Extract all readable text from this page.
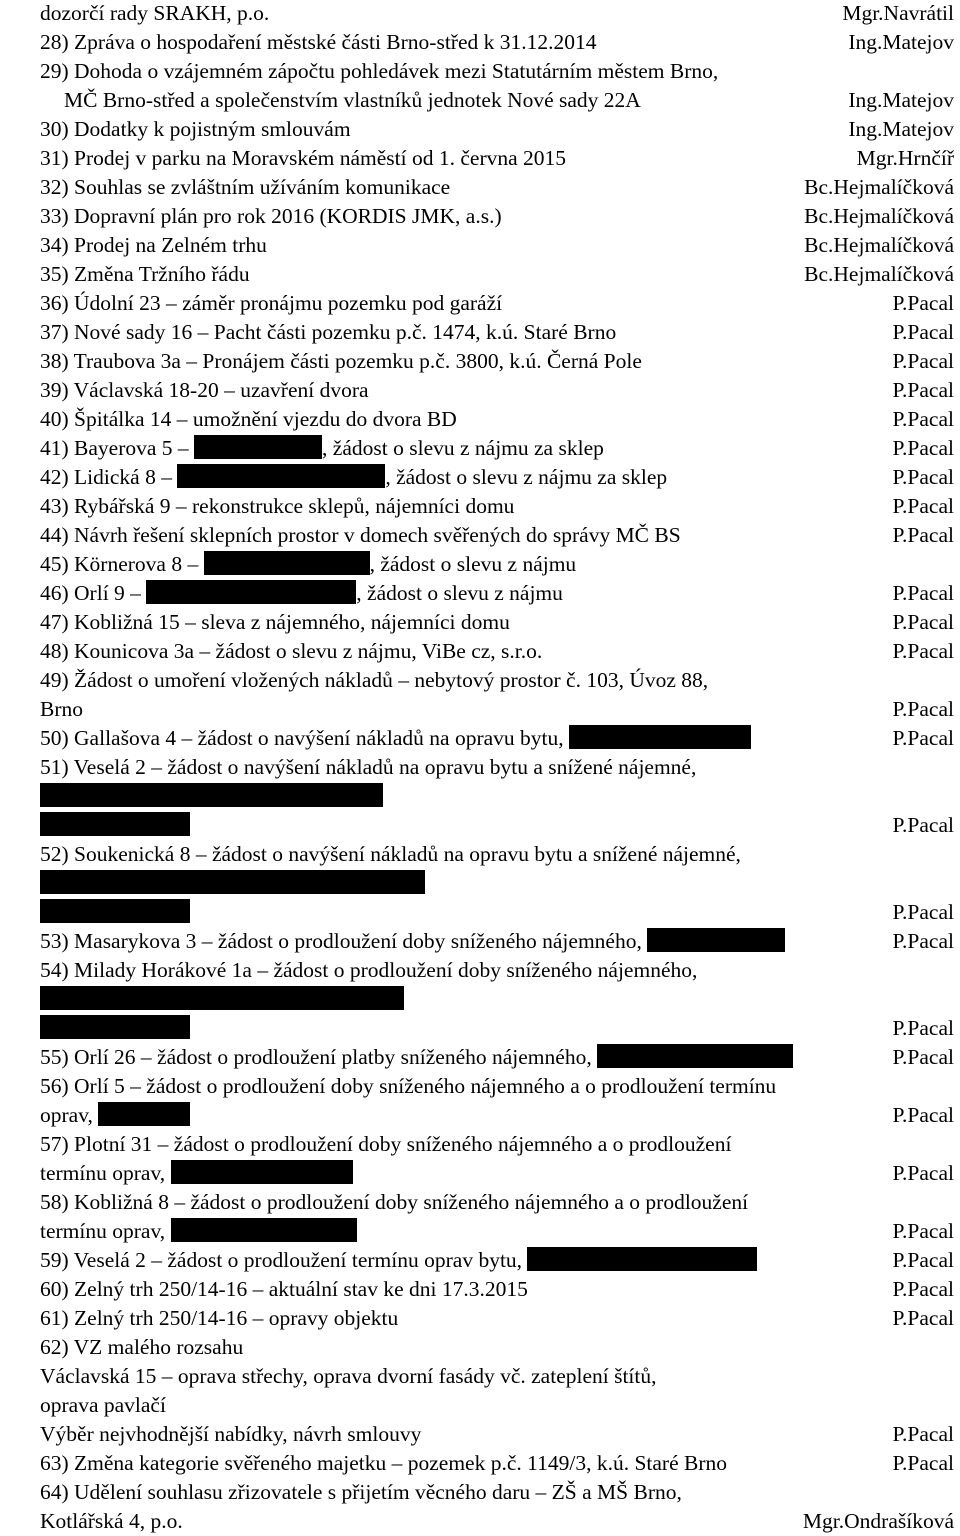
dozorčí rady SRAKH, p.o.	Mgr.Navrátil
28) Zpráva o hospodaření městské části Brno-střed k 31.12.2014	Ing.Matejov
29) Dohoda o vzájemném zápočtu pohledávek mezi Statutárním městem Brno,
MČ Brno-střed a společenstvím vlastníků jednotek Nové sady 22A	Ing.Matejov
30) Dodatky k pojistným smlouvám	Ing.Matejov
31) Prodej v parku na Moravském náměstí od 1. června 2015	Mgr.Hrnčíř
32) Souhlas se zvláštním užíváním komunikace	Bc.Hejmalíčková
33) Dopravní plán pro rok 2016 (KORDIS JMK, a.s.)	Bc.Hejmalíčková
34) Prodej na Zelném trhu	Bc.Hejmalíčková
35) Změna Tržního řádu	Bc.Hejmalíčková
36) Údolní 23 – záměr pronájmu pozemku pod garáží	P.Pacal
37) Nové sady 16 – Pacht části pozemku p.č. 1474, k.ú. Staré Brno	P.Pacal
38) Traubova 3a – Pronájem části pozemku p.č. 3800, k.ú. Černá Pole	P.Pacal
39) Václavská 18-20 – uzavření dvora	P.Pacal
40) Špitálka 14 – umožnění vjezdu do dvora BD	P.Pacal
41) Bayerova 5 –	, žádost o slevu z nájmu za sklep	P.Pacal
42) Lidická 8 –	, žádost o slevu z nájmu za sklep	P.Pacal
43) Rybářská 9 – rekonstrukce sklepů, nájemníci domu	P.Pacal
44) Návrh řešení sklepních prostor v domech svěřených do správy MČ BS	P.Pacal
45) Körnerova 8 –	, žádost o slevu z nájmu
46) Orlí 9 –	, žádost o slevu z nájmu	P.Pacal
47) Kobližná 15 – sleva z nájemného, nájemníci domu	P.Pacal
48) Kounicova 3a – žádost o slevu z nájmu, ViBe cz, s.r.o.	P.Pacal
49) Žádost o umoření vložených nákladů – nebytový prostor č. 103, Úvoz 88,
Brno	P.Pacal
50) Gallašova 4 – žádost o navýšení nákladů na opravu bytu,	P.Pacal
51) Veselá 2 – žádost o navýšení nákladů na opravu bytu a snížené nájemné,
P.Pacal
52) Soukenická 8 – žádost o navýšení nákladů na opravu bytu a snížené nájemné,
P.Pacal
53) Masarykova 3 – žádost o prodloužení doby sníženého nájemného,	P.Pacal
54) Milady Horákové 1a – žádost o prodloužení doby sníženého nájemného,
P.Pacal
55) Orlí 26 – žádost o prodloužení platby sníženého nájemného,	P.Pacal
56) Orlí 5 – žádost o prodloužení doby sníženého nájemného a o prodloužení termínu
oprav,	P.Pacal
57) Plotní 31 – žádost o prodloužení doby sníženého nájemného a o prodloužení
termínu oprav,	P.Pacal
58) Kobližná 8 – žádost o prodloužení doby sníženého nájemného a o prodloužení
termínu oprav,	P.Pacal
59) Veselá 2 – žádost o prodloužení termínu oprav bytu,	P.Pacal
60) Zelný trh 250/14-16 – aktuální stav ke dni 17.3.2015	P.Pacal
61) Zelný trh 250/14-16 – opravy objektu	P.Pacal
62) VZ malého rozsahu
Václavská 15 – oprava střechy, oprava dvorní fasády vč. zateplení štítů,
oprava pavlačí
Výběr nejvhodnější nabídky, návrh smlouvy	P.Pacal
63) Změna kategorie svěřeného majetku – pozemek p.č. 1149/3, k.ú. Staré Brno	P.Pacal
64) Udělení souhlasu zřizovatele s přijetím věcného daru – ZŠ a MŠ Brno,
Kotlářská 4, p.o.	Mgr.Ondrašíková
